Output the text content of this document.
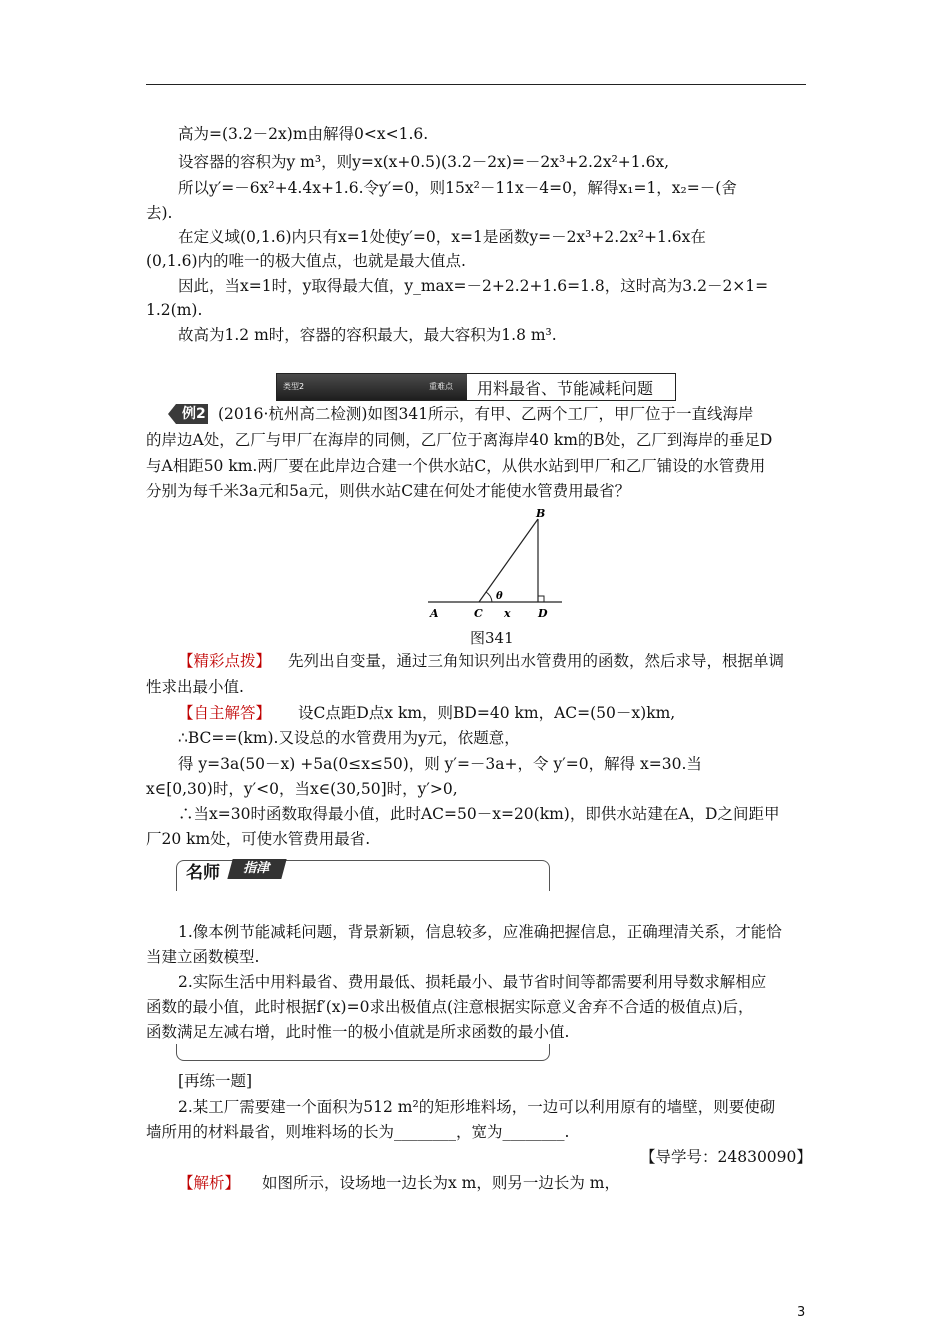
高为=(3.2－2x)m由解得0<x<1.6.
设容器的容积为y m³，则y=x(x+0.5)(3.2－2x)=－2x³+2.2x²+1.6x,
所以y′=－6x²+4.4x+1.6.令y′=0，则15x²－11x－4=0，解得x₁=1，x₂=－(舍
去).
在定义域(0,1.6)内只有x=1处使y′=0，x=1是函数y=－2x³+2.2x²+1.6x在
(0,1.6)内的唯一的极大值点，也就是最大值点.
因此，当x=1时，y取得最大值，y_max=－2+2.2+1.6=1.8，这时高为3.2－2×1=
1.2(m).
故高为1.2 m时，容器的容积最大，最大容积为1.8 m³.
类型2	重难点 用料最省、节能减耗问题
例2 (2016·杭州高二检测)如图341所示，有甲、乙两个工厂，甲厂位于一直线海岸
的岸边A处，乙厂与甲厂在海岸的同侧，乙厂位于离海岸40 km的B处，乙厂到海岸的垂足D
与A相距50 km.两厂要在此岸边合建一个供水站C，从供水站到甲厂和乙厂铺设的水管费用
分别为每千米3a元和5a元，则供水站C建在何处才能使水管费用最省？
B
A	C x D
θ
图341
【精彩点拨】 先列出自变量，通过三角知识列出水管费用的函数，然后求导，根据单调
性求出最小值.
【自主解答】 设C点距D点x km，则BD=40 km，AC=(50－x)km,
∴BC==(km).又设总的水管费用为y元，依题意，
得 y=3a(50－x) +5a(0≤x≤50)，则 y′=－3a+，令 y′=0，解得 x=30.当
x∈[0,30)时，y′<0，当x∈(30,50]时，y′>0,
∴当x=30时函数取得最小值，此时AC=50－x=20(km)，即供水站建在A，D之间距甲
厂20 km处，可使水管费用最省.
名师	指津
1.像本例节能减耗问题，背景新颖，信息较多，应准确把握信息，正确理清关系，才能恰
当建立函数模型.
2.实际生活中用料最省、费用最低、损耗最小、最节省时间等都需要利用导数求解相应
函数的最小值，此时根据f′(x)=0求出极值点(注意根据实际意义舍弃不合适的极值点)后，
函数满足左减右增，此时惟一的极小值就是所求函数的最小值.
[再练一题]
2.某工厂需要建一个面积为512 m²的矩形堆料场，一边可以利用原有的墙壁，则要使砌
墙所用的材料最省，则堆料场的长为________，宽为________.
【导学号：24830090】
【解析】 如图所示，设场地一边长为x m，则另一边长为 m，
3
